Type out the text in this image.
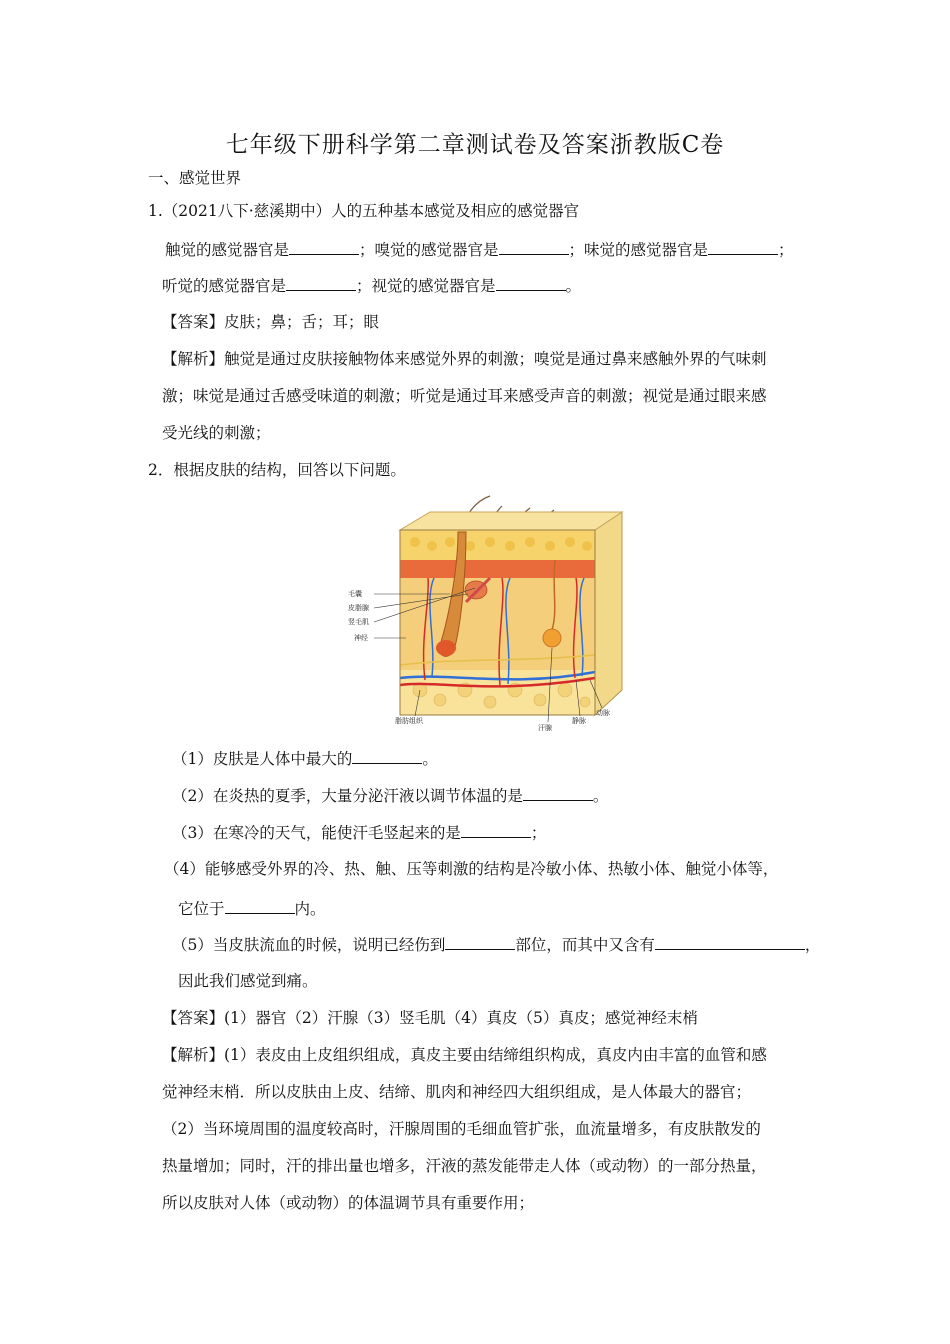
七年级下册科学第二章测试卷及答案浙教版C卷
一、感觉世界
1.（2021八下·慈溪期中）人的五种基本感觉及相应的感觉器官
触觉的感觉器官是	；嗅觉的感觉器官是	；味觉的感觉器官是	；
听觉的感觉器官是	；视觉的感觉器官是	。
【答案】皮肤；鼻；舌；耳；眼
【解析】触觉是通过皮肤接触物体来感觉外界的刺激；嗅觉是通过鼻来感触外界的气味刺
激；味觉是通过舌感受味道的刺激；听觉是通过耳来感受声音的刺激；视觉是通过眼来感
受光线的刺激；
2．根据皮肤的结构，回答以下问题。
毛囊
皮脂腺
竖毛肌
神经
脂肪组织
汗腺
静脉
动脉
（1）皮肤是人体中最大的	。
（2）在炎热的夏季，大量分泌汗液以调节体温的是	。
（3）在寒冷的天气，能使汗毛竖起来的是	；
（4）能够感受外界的冷、热、触、压等刺激的结构是冷敏小体、热敏小体、触觉小体等，
它位于	内。
（5）当皮肤流血的时候，说明已经伤到	部位，而其中又含有	，
因此我们感觉到痛。
【答案】(1）器官（2）汗腺（3）竖毛肌（4）真皮（5）真皮；感觉神经末梢
【解析】(1）表皮由上皮组织组成，真皮主要由结缔组织构成，真皮内由丰富的血管和感
觉神经末梢．所以皮肤由上皮、结缔、肌肉和神经四大组织组成，是人体最大的器官；
（2）当环境周围的温度较高时，汗腺周围的毛细血管扩张，血流量增多，有皮肤散发的
热量增加；同时，汗的排出量也增多，汗液的蒸发能带走人体（或动物）的一部分热量，
所以皮肤对人体（或动物）的体温调节具有重要作用；
